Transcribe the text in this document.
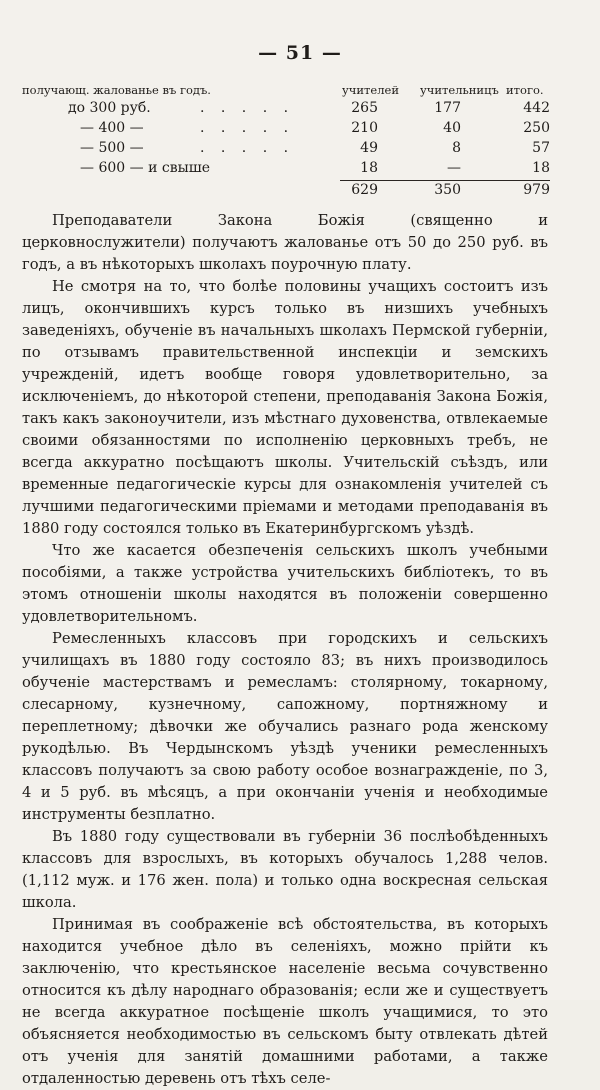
— 51 —
получающ. жалованье въ годъ.	учителей учительницъ итого.
до 300 руб.	. . . . .	265	177	442
— 400 —	. . . . .	210	40	250
— 500 —	. . . . .	49	8	57
— 600 — и свыше	18	—	18
629	350	979

Преподаватели Закона Божія (священно и церковнослужители) получаютъ жалованье отъ 50 до 250 руб. въ годъ, а въ нѣкоторыхъ школахъ поурочную плату.

Не смотря на то, что болѣе половины учащихъ состоитъ изъ лицъ, окончившихъ курсъ только въ низшихъ учебныхъ заведеніяхъ, обученіе въ начальныхъ школахъ Пермской губерніи, по отзывамъ правительственной инспекціи и земскихъ учрежденій, идетъ вообще говоря удовлетворительно, за исключеніемъ, до нѣкоторой степени, преподаванія Закона Божія, такъ какъ законоучители, изъ мѣстнаго духовенства, отвлекаемые своими обязанностями по исполненію церковныхъ требъ, не всегда аккуратно посѣщаютъ школы. Учительскій съѣздъ, или временные педагогическіе курсы для ознакомленія учителей съ лучшими педагогическими пріемами и методами преподаванія въ 1880 году состоялся только въ Екатеринбургскомъ уѣздѣ.

Что же касается обезпеченія сельскихъ школъ учебными пособіями, а также устройства учительскихъ библіотекъ, то въ этомъ отношеніи школы находятся въ положеніи совершенно удовлетворительномъ.

Ремесленныхъ классовъ при городскихъ и сельскихъ училищахъ въ 1880 году состояло 83; въ нихъ производилось обученіе мастерствамъ и ремесламъ: столярному, токарному, слесарному, кузнечному, сапожному, портняжному и переплетному; дѣвочки же обучались разнаго рода женскому рукодѣлью. Въ Чердынскомъ уѣздѣ ученики ремесленныхъ классовъ получаютъ за свою работу особое вознагражденіе, по 3, 4 и 5 руб. въ мѣсяцъ, а при окончаніи ученія и необходимые инструменты безплатно.

Въ 1880 году существовали въ губерніи 36 послѣобѣденныхъ классовъ для взрослыхъ, въ которыхъ обучалось 1,288 челов. (1,112 муж. и 176 жен. пола) и только одна воскресная сельская школа.

Принимая въ соображеніе всѣ обстоятельства, въ которыхъ находится учебное дѣло въ селеніяхъ, можно прійти къ заключенію, что крестьянское населеніе весьма сочувственно относится къ дѣлу народнаго образованія; если же и существуетъ не всегда аккуратное посѣщеніе школъ учащимися, то это объясняется необходимостью въ сельскомъ быту отвлекать дѣтей отъ ученія для занятій домашними работами, а также отдаленностью деревень отъ тѣхъ селе-
